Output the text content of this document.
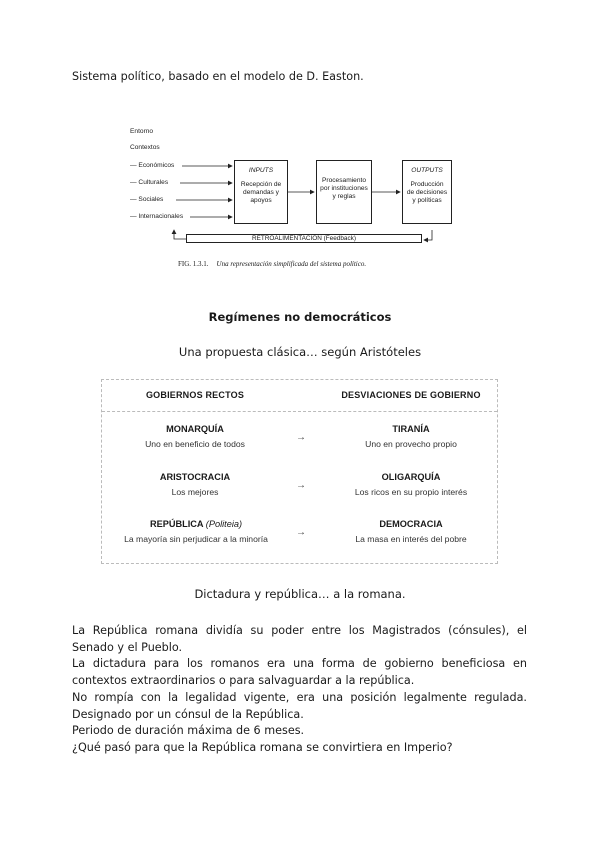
Sistema político, basado en el modelo de D. Easton.

Entorno
Contextos
— Económicos
— Culturales
— Sociales
— Internacionales
INPUTS
Recepción de demandas y apoyos
Procesamiento por instituciones y reglas
OUTPUTS
Producción de decisiones y políticas
RETROALIMENTACIÓN (Feedback)
FIG. 1.3.1. Una representación simplificada del sistema político.
Regímenes no democráticos
Una propuesta clásica… según Aristóteles
GOBIERNOS RECTOS	DESVIACIONES DE GOBIERNO
MONARQUÍA
Uno en beneficio de todos
→
TIRANÍA
Uno en provecho propio
ARISTOCRACIA
Los mejores
→
OLIGARQUÍA
Los ricos en su propio interés
REPÚBLICA (Politeia)
La mayoría sin perjudicar a la minoría
→
DEMOCRACIA
La masa en interés del pobre
Dictadura y república… a la romana.

La República romana dividía su poder entre los Magistrados (cónsules), el Senado y el Pueblo.

La dictadura para los romanos era una forma de gobierno beneficiosa en contextos extraordinarios o para salvaguardar a la república.

No rompía con la legalidad vigente, era una posición legalmente regulada. Designado por un cónsul de la República.

Periodo de duración máxima de 6 meses.

¿Qué pasó para que la República romana se convirtiera en Imperio?
